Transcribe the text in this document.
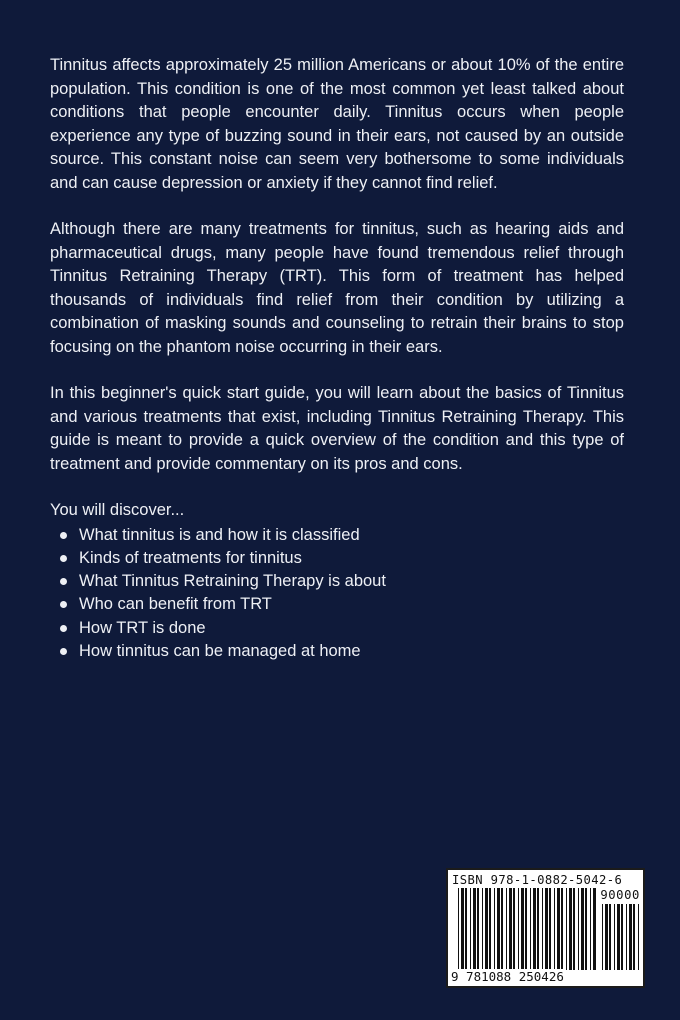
Tinnitus affects approximately 25 million Americans or about 10% of the entire population. This condition is one of the most common yet least talked about conditions that people encounter daily. Tinnitus occurs when people experience any type of buzzing sound in their ears, not caused by an outside source. This constant noise can seem very bothersome to some individuals and can cause depression or anxiety if they cannot find relief.

Although there are many treatments for tinnitus, such as hearing aids and pharmaceutical drugs, many people have found tremendous relief through Tinnitus Retraining Therapy (TRT). This form of treatment has helped thousands of individuals find relief from their condition by utilizing a combination of masking sounds and counseling to retrain their brains to stop focusing on the phantom noise occurring in their ears.

In this beginner's quick start guide, you will learn about the basics of Tinnitus and various treatments that exist, including Tinnitus Retraining Therapy. This guide is meant to provide a quick overview of the condition and this type of treatment and provide commentary on its pros and cons.

You will discover...

What tinnitus is and how it is classified
Kinds of treatments for tinnitus
What Tinnitus Retraining Therapy is about
Who can benefit from TRT
How TRT is done
How tinnitus can be managed at home
ISBN 978-1-0882-5042-6
90000
9 781088 250426
